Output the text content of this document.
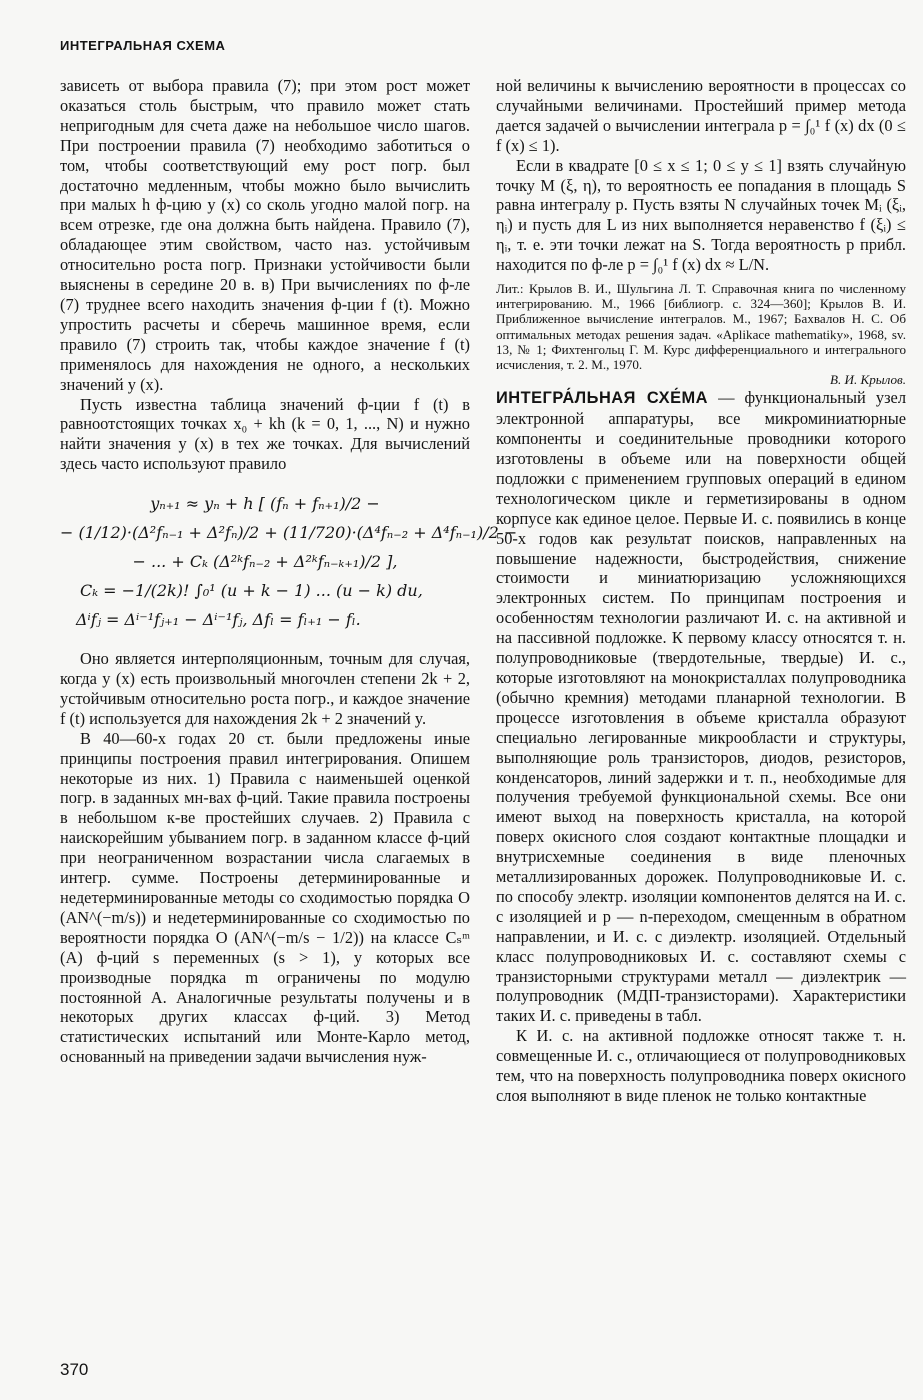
ИНТЕГРАЛЬНАЯ СХЕМА

зависеть от выбора правила (7); при этом рост может оказаться столь быстрым, что правило может стать непригодным для счета даже на небольшое число шагов. При построении правила (7) необходимо заботиться о том, чтобы соответствующий ему рост погр. был достаточно медленным, чтобы можно было вычислить при малых h ф-цию y (x) со сколь угодно малой погр. на всем отрезке, где она должна быть найдена. Правило (7), обладающее этим свойством, часто наз. устойчивым относительно роста погр. Признаки устойчивости были выяснены в середине 20 в. в) При вычислениях по ф-ле (7) труднее всего находить значения ф-ции f (t). Можно упростить расчеты и сберечь машинное время, если правило (7) строить так, чтобы каждое значение f (t) применялось для нахождения не одного, а нескольких значений y (x).

Пусть известна таблица значений ф-ции f (t) в равноотстоящих точках x₀ + kh (k = 0, 1, ..., N) и нужно найти значения y (x) в тех же точках. Для вычислений здесь часто используют правило

yₙ₊₁ ≈ yₙ + h [ (fₙ + fₙ₊₁)/2 −
− (1/12)·(Δ²fₙ₋₁ + Δ²fₙ)/2 + (11/720)·(Δ⁴fₙ₋₂ + Δ⁴fₙ₋₁)/2 −
− ... + Cₖ (Δ²ᵏfₙ₋₂ + Δ²ᵏfₙ₋ₖ₊₁)/2 ],
Cₖ = −1/(2k)! ∫₀¹ (u + k − 1) ... (u − k) du,
Δⁱfⱼ = Δⁱ⁻¹fⱼ₊₁ − Δⁱ⁻¹fⱼ, Δfₗ = fₗ₊₁ − fₗ.

Оно является интерполяционным, точным для случая, когда y (x) есть произвольный многочлен степени 2k + 2, устойчивым относительно роста погр., и каждое значение f (t) используется для нахождения 2k + 2 значений y.

В 40—60-х годах 20 ст. были предложены иные принципы построения правил интегрирования. Опишем некоторые из них. 1) Правила с наименьшей оценкой погр. в заданных мн-вах ф-ций. Такие правила построены в небольшом к-ве простейших случаев. 2) Правила с наискорейшим убыванием погр. в заданном классе ф-ций при неограниченном возрастании числа слагаемых в интегр. сумме. Построены детерминированные и недетерминированные методы со сходимостью порядка O (AN^(−m/s)) и недетерминированные со сходимостью по вероятности порядка O (AN^(−m/s − 1/2)) на классе Cₛᵐ (A) ф-ций s переменных (s > 1), у которых все производные порядка m ограничены по модулю постоянной A. Аналогичные результаты получены и в некоторых других классах ф-ций. 3) Метод статистических испытаний или Монте-Карло метод, основанный на приведении задачи вычисления нуж-

ной величины к вычислению вероятности в процессах со случайными величинами. Простейший пример метода дается задачей о вычислении интеграла p = ∫₀¹ f (x) dx (0 ≤ f (x) ≤ 1).

Если в квадрате [0 ≤ x ≤ 1; 0 ≤ y ≤ 1] взять случайную точку M (ξ, η), то вероятность ее попадания в площадь S равна интегралу p. Пусть взяты N случайных точек Mᵢ (ξᵢ, ηᵢ) и пусть для L из них выполняется неравенство f (ξᵢ) ≤ ηᵢ, т. е. эти точки лежат на S. Тогда вероятность p прибл. находится по ф-ле p = ∫₀¹ f (x) dx ≈ L/N.

Лит.: Крылов В. И., Шульгина Л. Т. Справочная книга по численному интегрированию. М., 1966 [библиогр. с. 324—360]; Крылов В. И. Приближенное вычисление интегралов. М., 1967; Бахвалов Н. С. Об оптимальных методах решения задач. «Aplikace mathematiky», 1968, sv. 13, № 1; Фихтенгольц Г. М. Курс дифференциального и интегрального исчисления, т. 2. М., 1970.
В. И. Крылов.

ИНТЕГРА́ЛЬНАЯ СХЕ́МА — функциональный узел электронной аппаратуры, все микроминиатюрные компоненты и соединительные проводники которого изготовлены в объеме или на поверхности общей подложки с применением групповых операций в едином технологическом цикле и герметизированы в одном корпусе как единое целое. Первые И. с. появились в конце 50-х годов как результат поисков, направленных на повышение надежности, быстродействия, снижение стоимости и миниатюризацию усложняющихся электронных систем. По принципам построения и особенностям технологии различают И. с. на активной и на пассивной подложке. К первому классу относятся т. н. полупроводниковые (твердотельные, твердые) И. с., которые изготовляют на монокристаллах полупроводника (обычно кремния) методами планарной технологии. В процессе изготовления в объеме кристалла образуют специально легированные микрообласти и структуры, выполняющие роль транзисторов, диодов, резисторов, конденсаторов, линий задержки и т. п., необходимые для получения требуемой функциональной схемы. Все они имеют выход на поверхность кристалла, на которой поверх окисного слоя создают контактные площадки и внутрисхемные соединения в виде пленочных металлизированных дорожек. Полупроводниковые И. с. по способу электр. изоляции компонентов делятся на И. с. с изоляцией и p — n-переходом, смещенным в обратном направлении, и И. с. с диэлектр. изоляцией. Отдельный класс полупроводниковых И. с. составляют схемы с транзисторными структурами металл — диэлектрик — полупроводник (МДП-транзисторами). Характеристики таких И. с. приведены в табл.

К И. с. на активной подложке относят также т. н. совмещенные И. с., отличающиеся от полупроводниковых тем, что на поверхность полупроводника поверх окисного слоя выполняют в виде пленок не только контактные

370
